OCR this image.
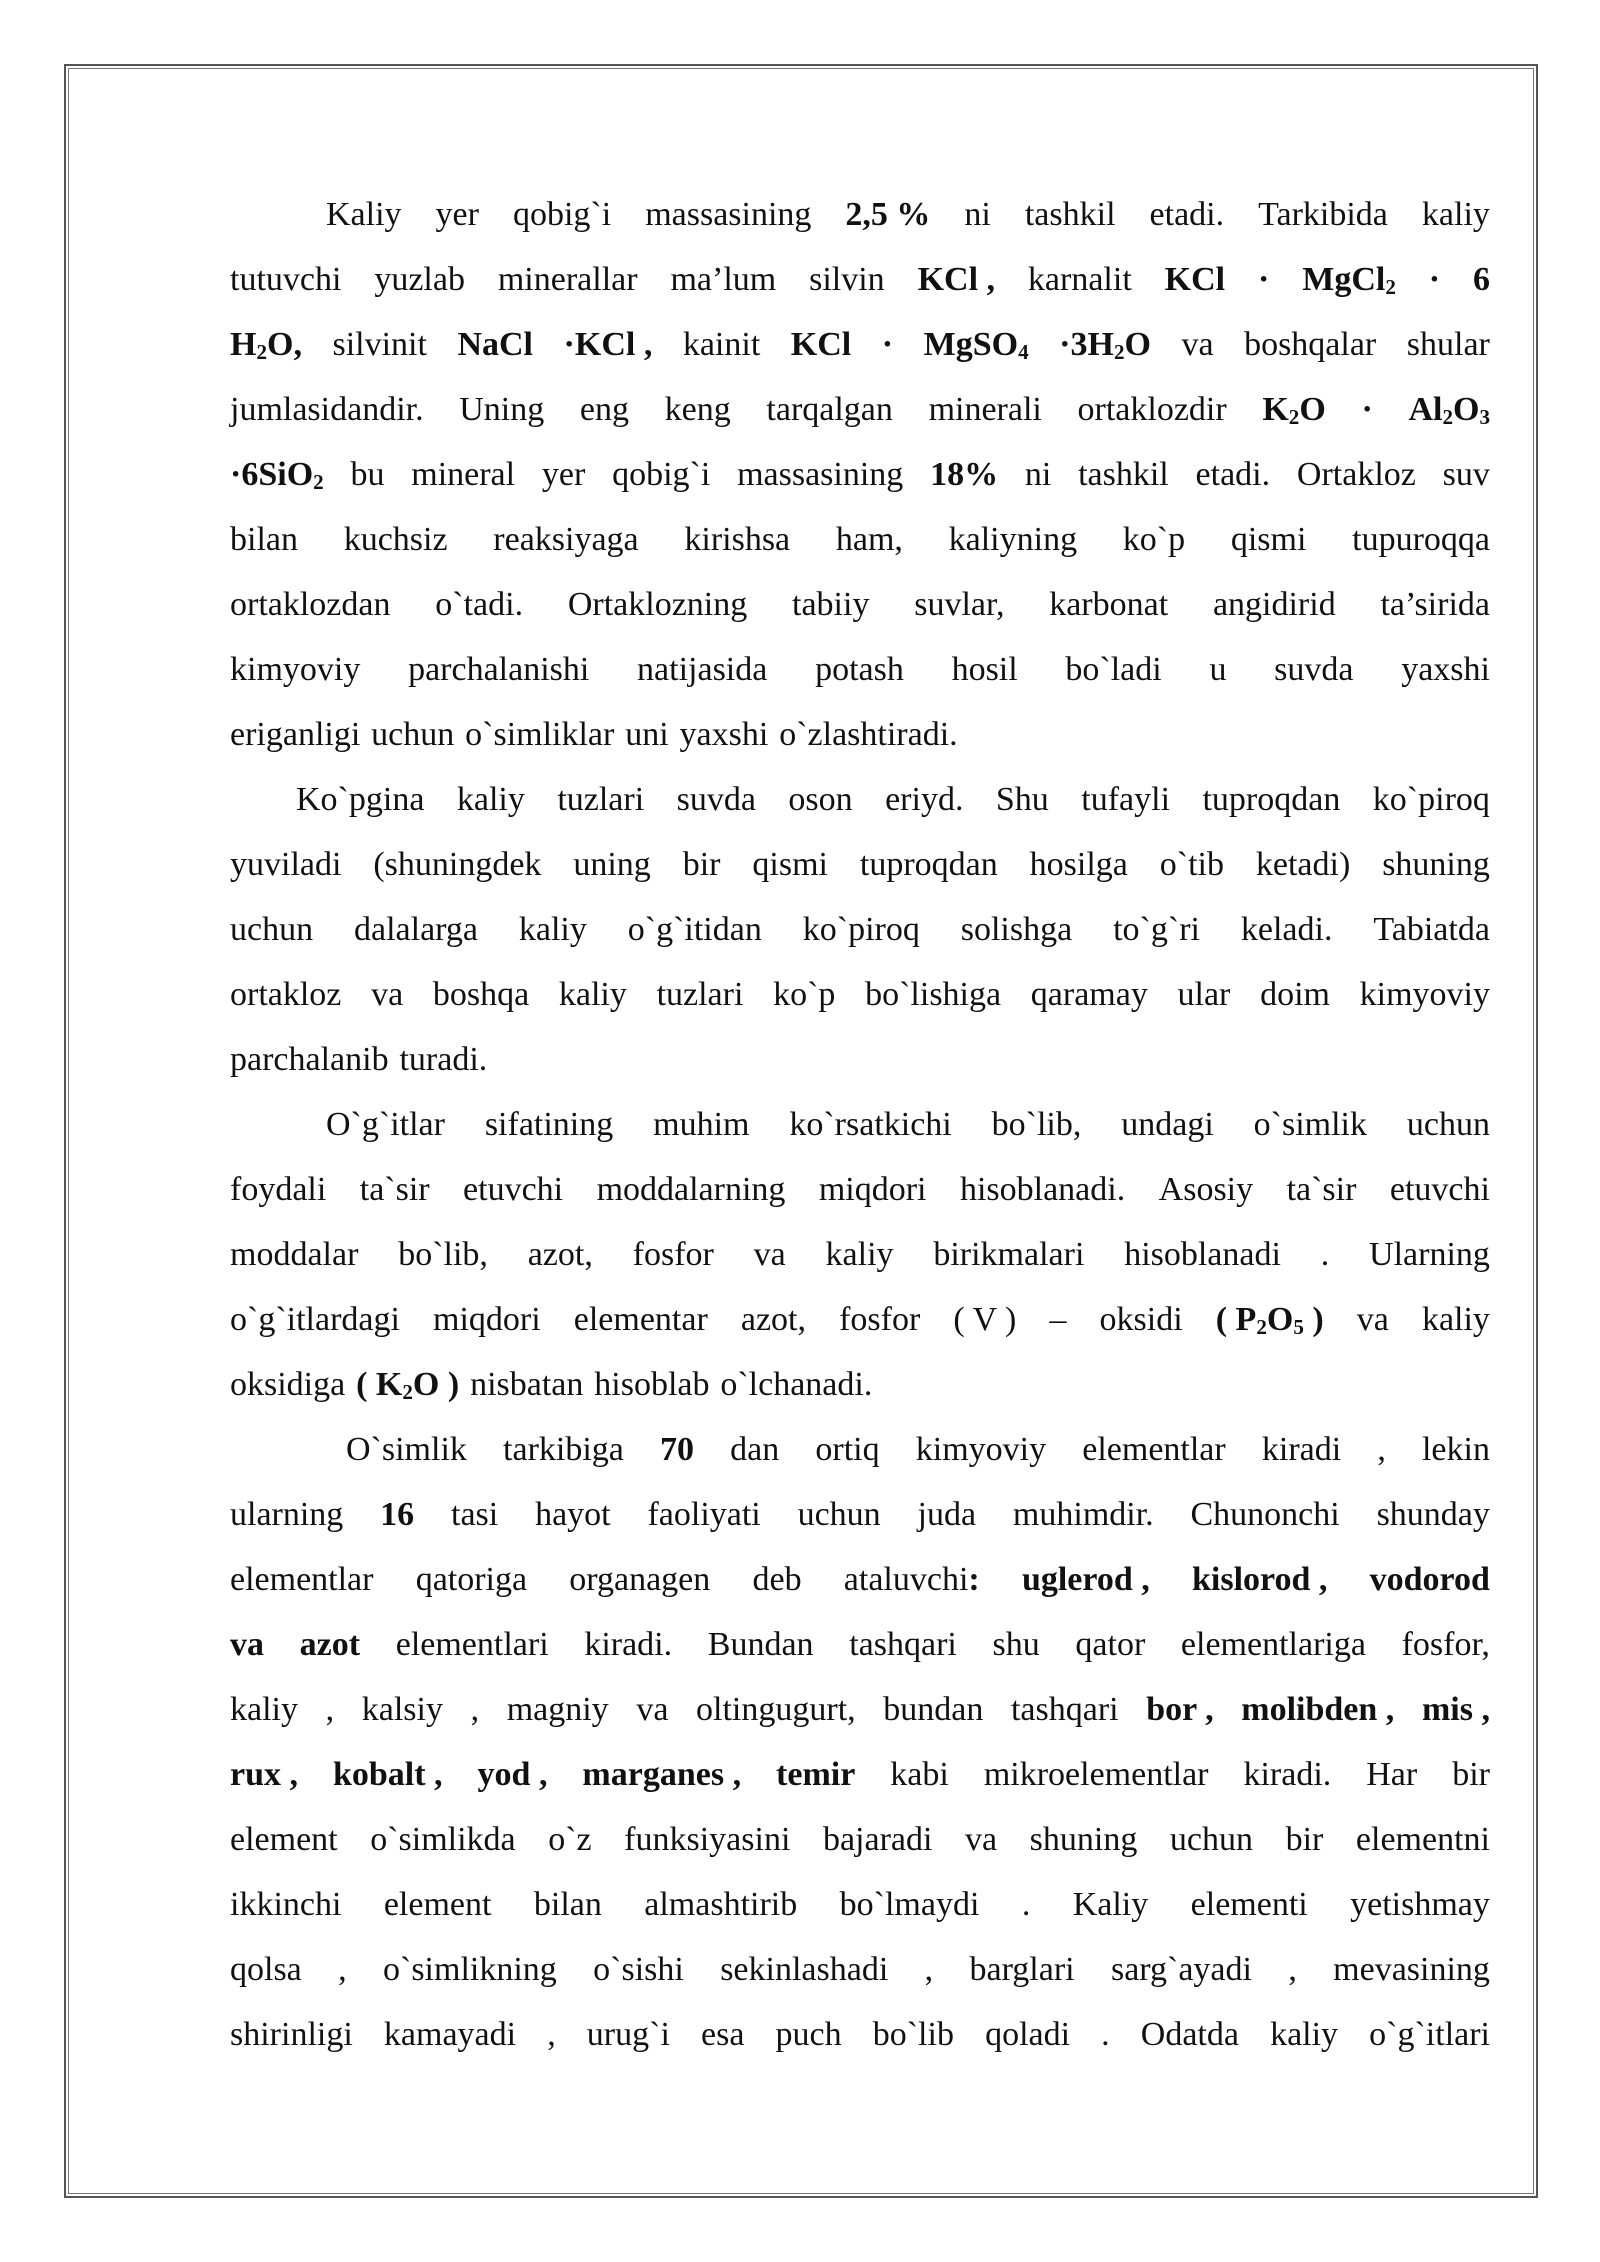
Kaliy yer qobig`i massasining 2,5 % ni tashkil etadi. Tarkibida kaliy
tutuvchi yuzlab minerallar ma’lum silvin KCl , karnalit KCl · MgCl$_2$ · 6
$H_2O$, silvinit NaCl ·KCl , kainit KCl · MgSO$_4$ $\cdot 3H_2O$ va boshqalar shular
jumlasidandir. Uning eng keng tarqalgan minerali ortaklozdir $K_2O \cdot Al_2O_3$
·6SiO$_2$ bu mineral yer qobig`i massasining 18% ni tashkil etadi. Ortakloz suv
bilan kuchsiz reaksiyaga kirishsa ham, kaliyning ko`p qismi tupuroqqa
ortaklozdan o`tadi. Ortaklozning tabiiy suvlar, karbonat angidirid ta’sirida
kimyoviy parchalanishi natijasida potash hosil bo`ladi u suvda yaxshi
eriganligi uchun o`simliklar uni yaxshi o`zlashtiradi.
Ko`pgina kaliy tuzlari suvda oson eriyd. Shu tufayli tuproqdan ko`piroq
yuviladi (shuningdek uning bir qismi tuproqdan hosilga o`tib ketadi) shuning
uchun dalalarga kaliy o`g`itidan ko`piroq solishga to`g`ri keladi. Tabiatda
ortakloz va boshqa kaliy tuzlari ko`p bo`lishiga qaramay ular doim kimyoviy
parchalanib turadi.
O`g`itlar sifatining muhim ko`rsatkichi bo`lib, undagi o`simlik uchun
foydali ta`sir etuvchi moddalarning miqdori hisoblanadi. Asosiy ta`sir etuvchi
moddalar bo`lib, azot, fosfor va kaliy birikmalari hisoblanadi . Ularning
o`g`itlardagi miqdori elementar azot, fosfor ( V ) – oksidi ( $P_2O_5$ ) va kaliy
oksidiga ( $K_2O$ ) nisbatan hisoblab o`lchanadi.
O`simlik tarkibiga 70 dan ortiq kimyoviy elementlar kiradi , lekin
ularning 16 tasi hayot faoliyati uchun juda muhimdir. Chunonchi shunday
elementlar qatoriga organagen deb ataluvchi: uglerod , kislorod , vodorod
va azot elementlari kiradi. Bundan tashqari shu qator elementlariga fosfor,
kaliy , kalsiy , magniy va oltingugurt, bundan tashqari bor , molibden , mis ,
rux , kobalt , yod , marganes , temir kabi mikroelementlar kiradi. Har bir
element o`simlikda o`z funksiyasini bajaradi va shuning uchun bir elementni
ikkinchi element bilan almashtirib bo`lmaydi . Kaliy elementi yetishmay
qolsa , o`simlikning o`sishi sekinlashadi , barglari sarg`ayadi , mevasining
shirinligi kamayadi , urug`i esa puch bo`lib qoladi . Odatda kaliy o`g`itlari
